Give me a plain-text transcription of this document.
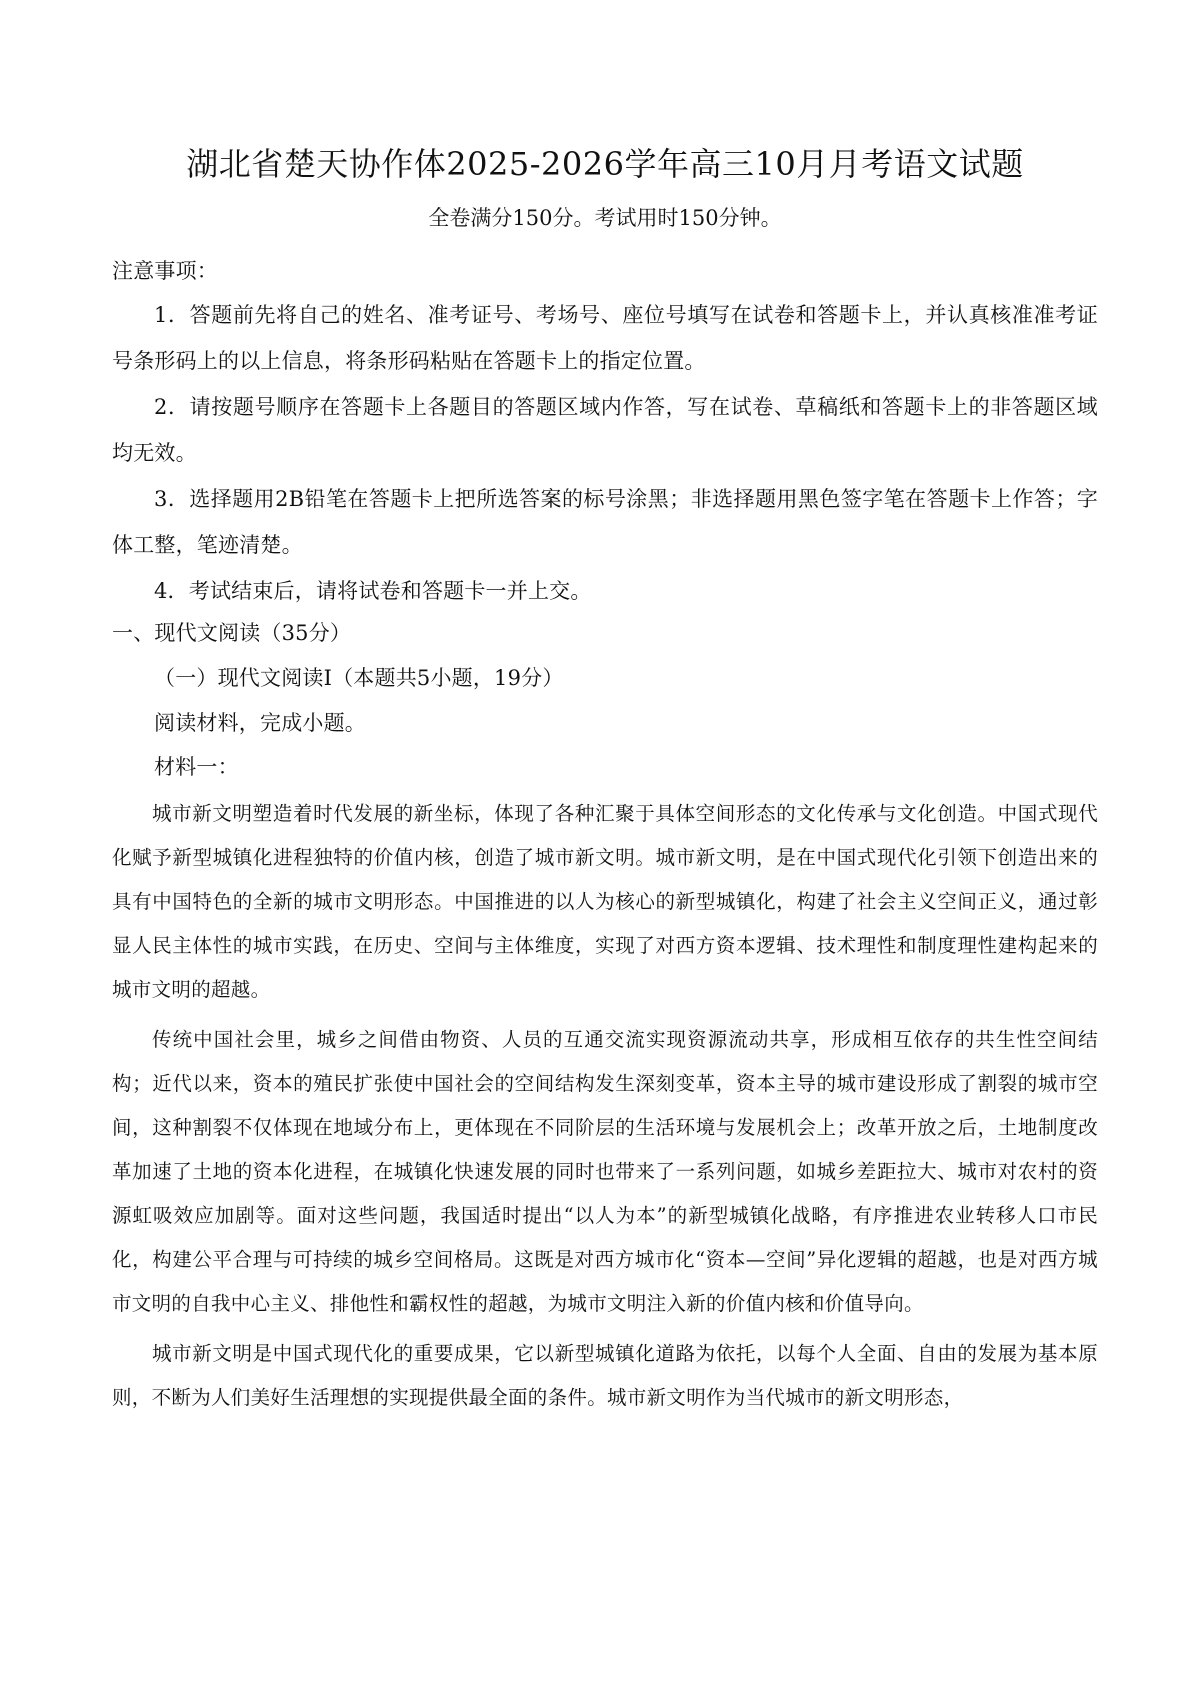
湖北省楚天协作体2025-2026学年高三10月月考语文试题
全卷满分150分。考试用时150分钟。
注意事项：

1．答题前先将自己的姓名、准考证号、考场号、座位号填写在试卷和答题卡上，并认真核准准考证号条形码上的以上信息，将条形码粘贴在答题卡上的指定位置。

2．请按题号顺序在答题卡上各题目的答题区域内作答，写在试卷、草稿纸和答题卡上的非答题区域均无效。

3．选择题用2B铅笔在答题卡上把所选答案的标号涂黑；非选择题用黑色签字笔在答题卡上作答；字体工整，笔迹清楚。

4．考试结束后，请将试卷和答题卡一并上交。

一、现代文阅读（35分）
（一）现代文阅读Ⅰ（本题共5小题，19分）
阅读材料，完成小题。
材料一：

城市新文明塑造着时代发展的新坐标，体现了各种汇聚于具体空间形态的文化传承与文化创造。中国式现代化赋予新型城镇化进程独特的价值内核，创造了城市新文明。城市新文明，是在中国式现代化引领下创造出来的具有中国特色的全新的城市文明形态。中国推进的以人为核心的新型城镇化，构建了社会主义空间正义，通过彰显人民主体性的城市实践，在历史、空间与主体维度，实现了对西方资本逻辑、技术理性和制度理性建构起来的城市文明的超越。

传统中国社会里，城乡之间借由物资、人员的互通交流实现资源流动共享，形成相互依存的共生性空间结构；近代以来，资本的殖民扩张使中国社会的空间结构发生深刻变革，资本主导的城市建设形成了割裂的城市空间，这种割裂不仅体现在地域分布上，更体现在不同阶层的生活环境与发展机会上；改革开放之后，土地制度改革加速了土地的资本化进程，在城镇化快速发展的同时也带来了一系列问题，如城乡差距拉大、城市对农村的资源虹吸效应加剧等。面对这些问题，我国适时提出“以人为本”的新型城镇化战略，有序推进农业转移人口市民化，构建公平合理与可持续的城乡空间格局。这既是对西方城市化“资本—空间”异化逻辑的超越，也是对西方城市文明的自我中心主义、排他性和霸权性的超越，为城市文明注入新的价值内核和价值导向。

城市新文明是中国式现代化的重要成果，它以新型城镇化道路为依托，以每个人全面、自由的发展为基本原则，不断为人们美好生活理想的实现提供最全面的条件。城市新文明作为当代城市的新文明形态，
